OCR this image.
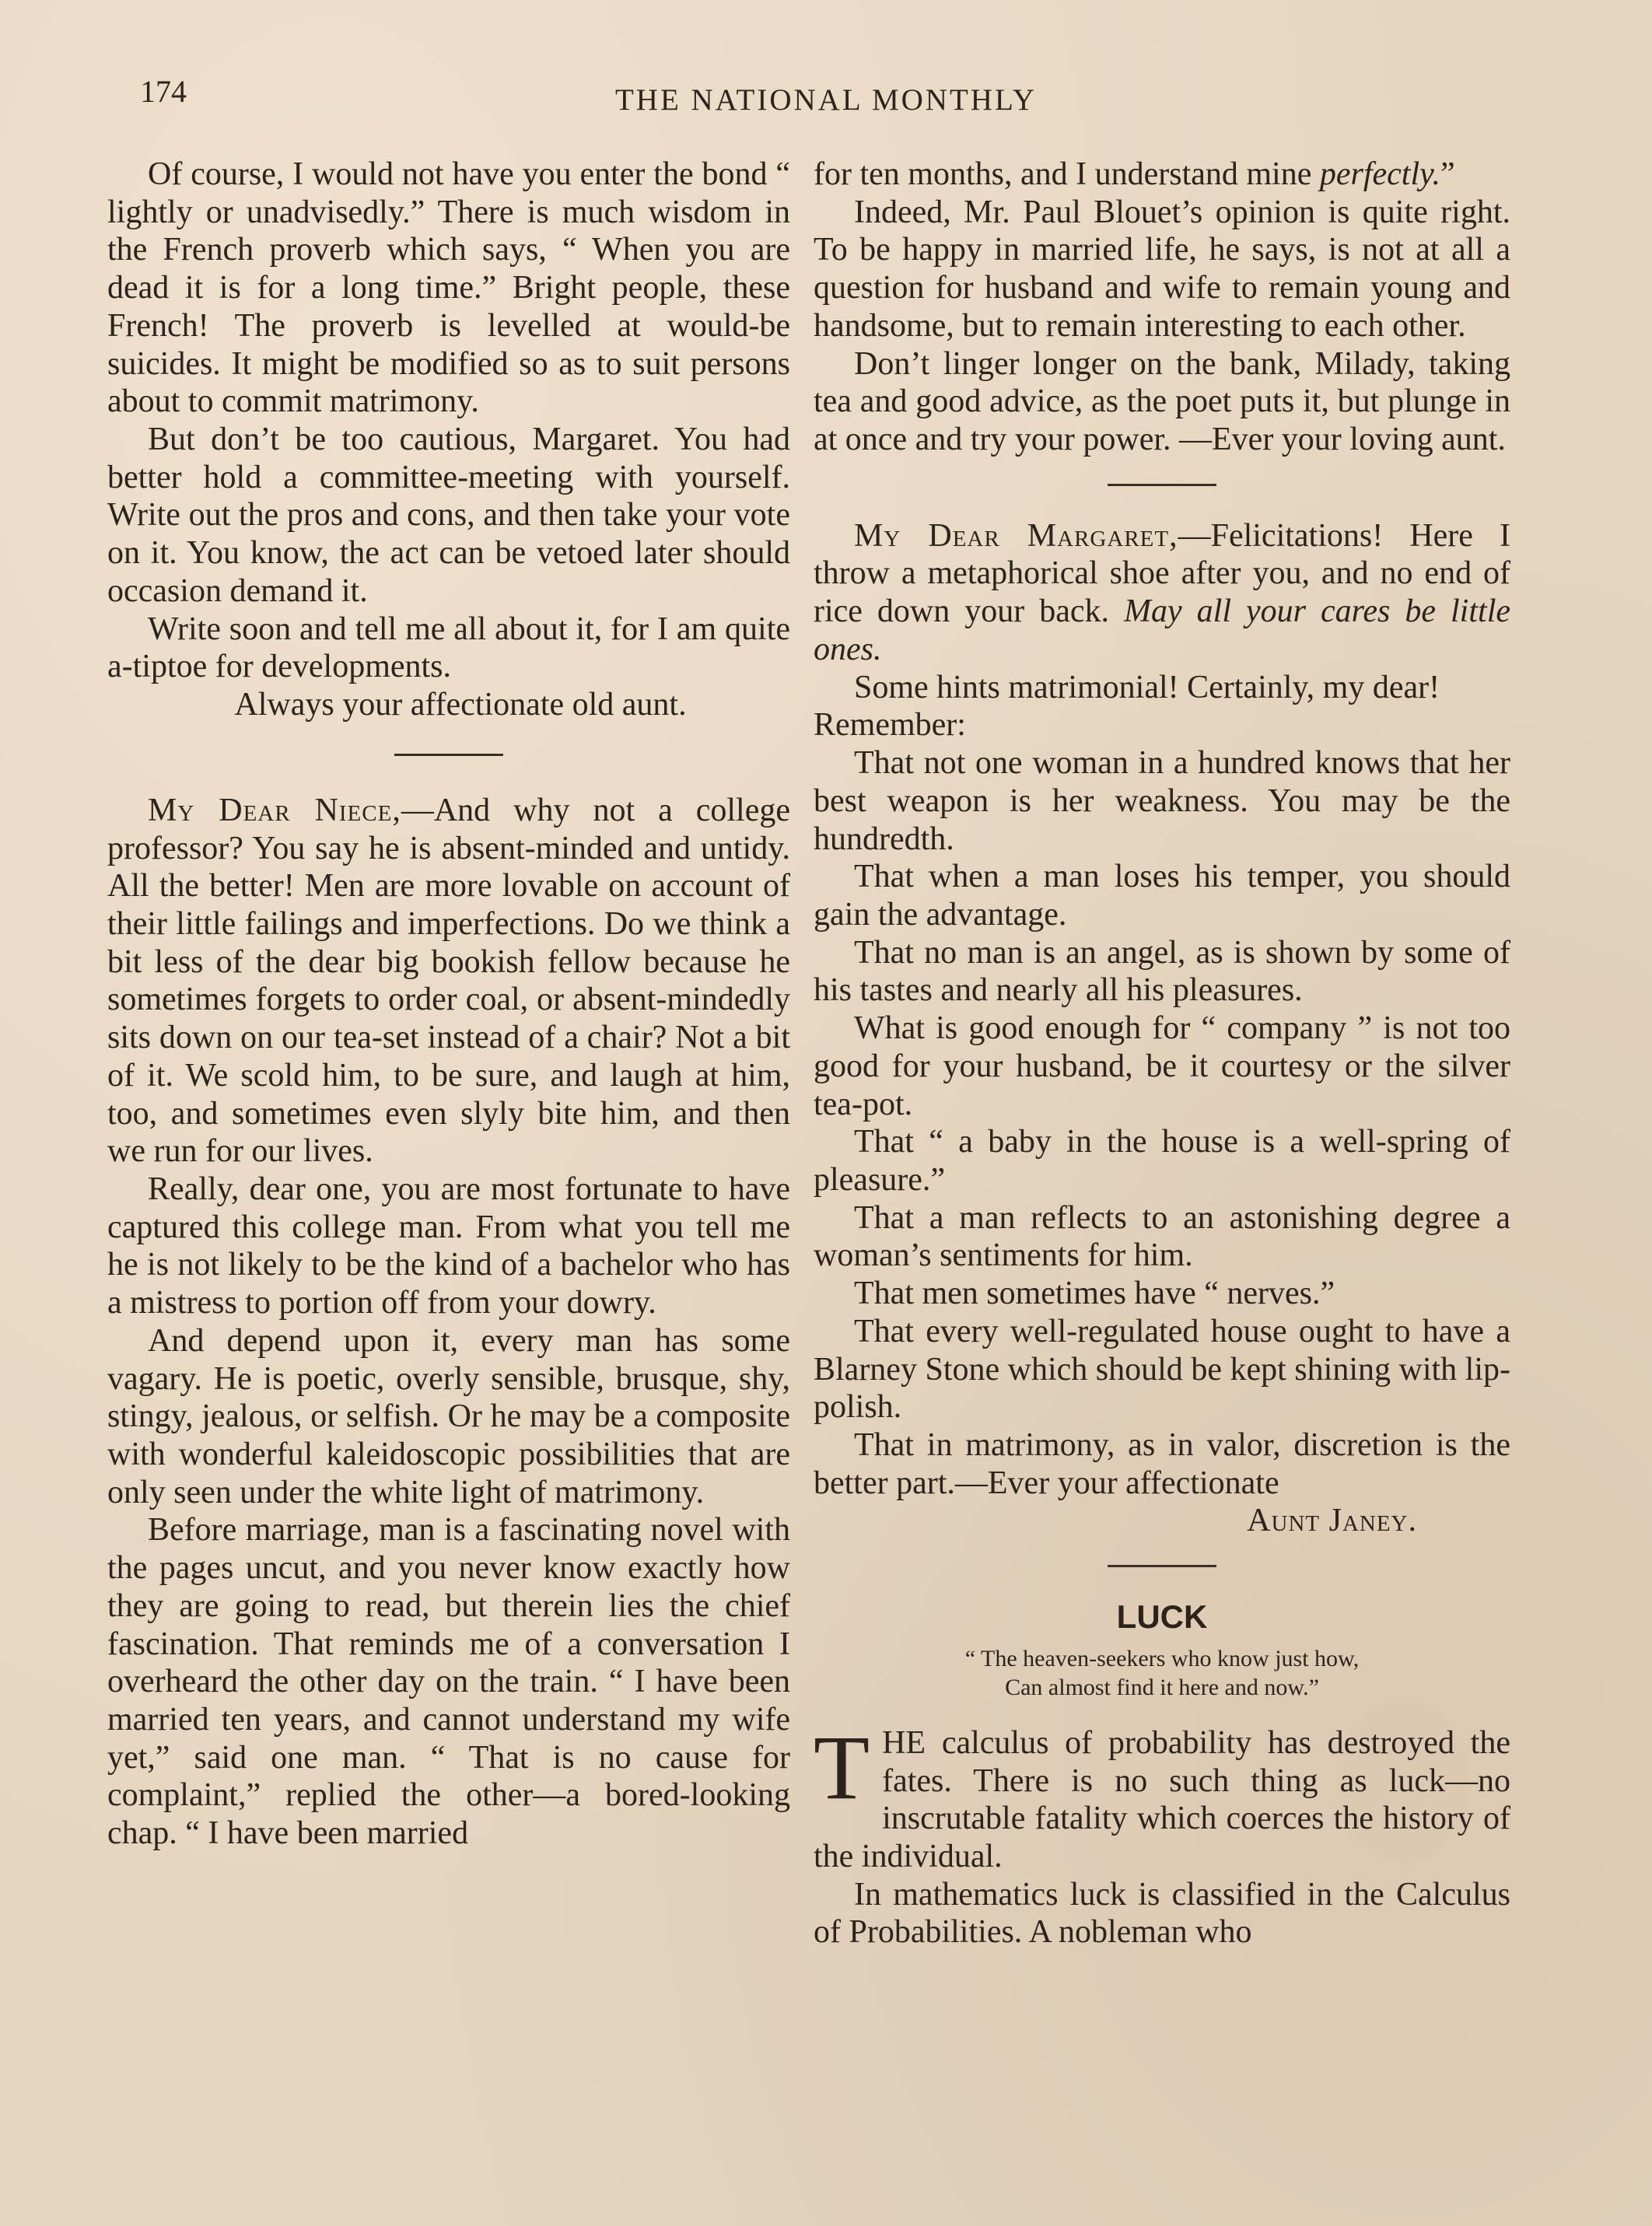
174	THE NATIONAL MONTHLY

Of course, I would not have you enter the bond “ lightly or unadvisedly.” There is much wisdom in the French proverb which says, “ When you are dead it is for a long time.” Bright people, these French! The proverb is levelled at would-be suicides. It might be modified so as to suit persons about to commit matrimony.

But don’t be too cautious, Margaret. You had better hold a committee-meeting with yourself. Write out the pros and cons, and then take your vote on it. You know, the act can be vetoed later should occasion demand it.

Write soon and tell me all about it, for I am quite a-tiptoe for developments.

Always your affectionate old aunt.

My Dear Niece,—And why not a college professor? You say he is absent-minded and untidy. All the better! Men are more lovable on account of their little failings and imperfections. Do we think a bit less of the dear big bookish fellow because he sometimes forgets to order coal, or absent-mindedly sits down on our tea-set instead of a chair? Not a bit of it. We scold him, to be sure, and laugh at him, too, and sometimes even slyly bite him, and then we run for our lives.

Really, dear one, you are most fortunate to have captured this college man. From what you tell me he is not likely to be the kind of a bachelor who has a mistress to portion off from your dowry.

And depend upon it, every man has some vagary. He is poetic, overly sensible, brusque, shy, stingy, jealous, or selfish. Or he may be a composite with wonderful kaleidoscopic possibilities that are only seen under the white light of matrimony.

Before marriage, man is a fascinating novel with the pages uncut, and you never know exactly how they are going to read, but therein lies the chief fascination. That reminds me of a conversation I overheard the other day on the train. “ I have been married ten years, and cannot understand my wife yet,” said one man. “ That is no cause for complaint,” replied the other—a bored-looking chap. “ I have been married

for ten months, and I understand mine perfectly.”

Indeed, Mr. Paul Blouet’s opinion is quite right. To be happy in married life, he says, is not at all a question for husband and wife to remain young and handsome, but to remain interesting to each other.

Don’t linger longer on the bank, Milady, taking tea and good advice, as the poet puts it, but plunge in at once and try your power. —Ever your loving aunt.

My Dear Margaret,—Felicitations! Here I throw a metaphorical shoe after you, and no end of rice down your back. May all your cares be little ones.

Some hints matrimonial! Certainly, my dear!

Remember:

That not one woman in a hundred knows that her best weapon is her weakness. You may be the hundredth.

That when a man loses his temper, you should gain the advantage.

That no man is an angel, as is shown by some of his tastes and nearly all his pleasures.

What is good enough for “ company ” is not too good for your husband, be it courtesy or the silver tea-pot.

That “ a baby in the house is a well-spring of pleasure.”

That a man reflects to an astonishing degree a woman’s sentiments for him.

That men sometimes have “ nerves.”

That every well-regulated house ought to have a Blarney Stone which should be kept shining with lip-polish.

That in matrimony, as in valor, discretion is the better part.—Ever your affectionate

Aunt Janey.

LUCK
“ The heaven-seekers who know just how,
Can almost find it here and now.”

THE calculus of probability has destroyed the fates. There is no such thing as luck—no inscrutable fatality which coerces the history of the individual.

In mathematics luck is classified in the Calculus of Probabilities. A nobleman who
